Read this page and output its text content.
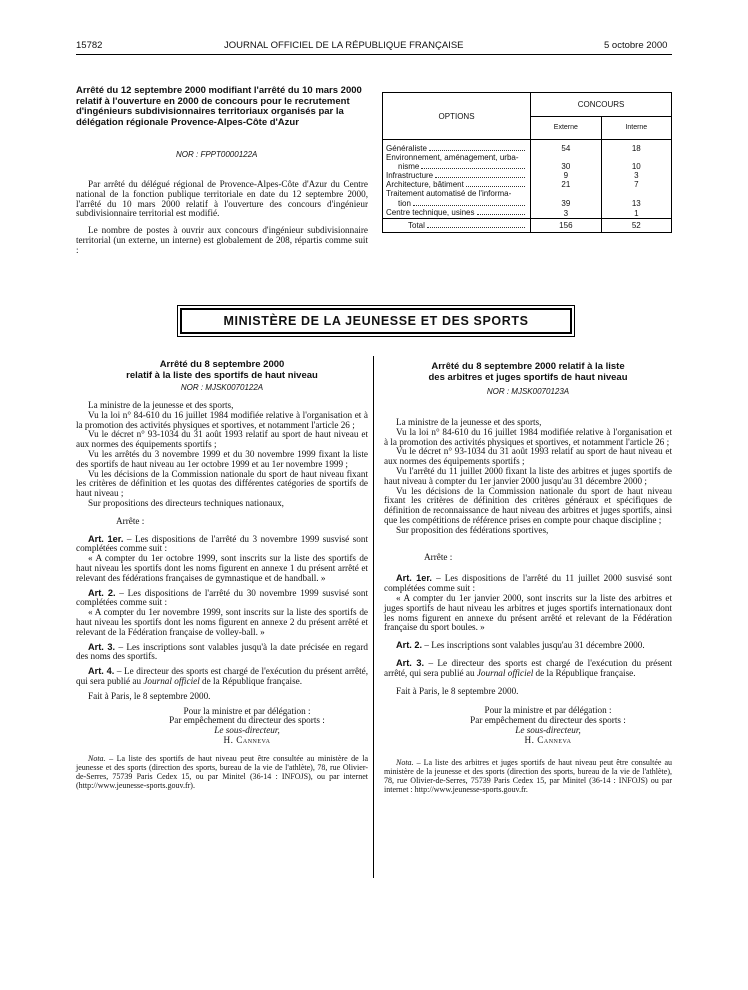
15782	JOURNAL OFFICIEL DE LA RÉPUBLIQUE FRANÇAISE	5 octobre 2000
Arrêté du 12 septembre 2000 modifiant l'arrêté du 10 mars 2000 relatif à l'ouverture en 2000 de concours pour le recrutement d'ingénieurs subdivisionnaires territoriaux organisés par la délégation régionale Provence-Alpes-Côte d'Azur
NOR : FPPT0000122A

Par arrêté du délégué régional de Provence-Alpes-Côte d'Azur du Centre national de la fonction publique territoriale en date du 12 septembre 2000, l'arrêté du 10 mars 2000 relatif à l'ouverture des concours d'ingénieur subdivisionnaire territorial est modifié.

Le nombre de postes à ouvrir aux concours d'ingénieur subdivisionnaire territorial (un externe, un interne) est globalement de 208, répartis comme suit :

OPTIONS	CONCOURS	
	Externe	Interne

Généraliste	54	18

Environnement, aménagement, urba-
nisme	30	10

Infrastructure	9	3

Architecture, bâtiment	21	7

Traitement automatisé de l'informa-
tion	39	13

Centre technique, usines	3	1

Total	156	52
MINISTÈRE DE LA JEUNESSE ET DES SPORTS
Arrêté du 8 septembre 2000
relatif à la liste des sportifs de haut niveau
NOR : MJSK0070122A

La ministre de la jeunesse et des sports,

Vu la loi n° 84-610 du 16 juillet 1984 modifiée relative à l'organisation et à la promotion des activités physiques et sportives, et notamment l'article 26 ;

Vu le décret n° 93-1034 du 31 août 1993 relatif au sport de haut niveau et aux normes des équipements sportifs ;

Vu les arrêtés du 3 novembre 1999 et du 30 novembre 1999 fixant la liste des sportifs de haut niveau au 1er octobre 1999 et au 1er novembre 1999 ;

Vu les décisions de la Commission nationale du sport de haut niveau fixant les critères de définition et les quotas des différentes catégories de sportifs de haut niveau ;

Sur propositions des directeurs techniques nationaux,

Arrête :

Art. 1er. – Les dispositions de l'arrêté du 3 novembre 1999 susvisé sont complétées comme suit :

« A compter du 1er octobre 1999, sont inscrits sur la liste des sportifs de haut niveau les sportifs dont les noms figurent en annexe 1 du présent arrêté et relevant des fédérations françaises de gymnastique et de handball. »

Art. 2. – Les dispositions de l'arrêté du 30 novembre 1999 susvisé sont complétées comme suit :

« A compter du 1er novembre 1999, sont inscrits sur la liste des sportifs de haut niveau les sportifs dont les noms figurent en annexe 2 du présent arrêté et relevant de la Fédération française de volley-ball. »

Art. 3. – Les inscriptions sont valables jusqu'à la date précisée en regard des noms des sportifs.

Art. 4. – Le directeur des sports est chargé de l'exécution du présent arrêté, qui sera publié au Journal officiel de la République française.

Fait à Paris, le 8 septembre 2000.

Pour la ministre et par délégation :
Par empêchement du directeur des sports :
Le sous-directeur,
H. Canneva
Nota. – La liste des sportifs de haut niveau peut être consultée au ministère de la jeunesse et des sports (direction des sports, bureau de la vie de l'athlète), 78, rue Olivier-de-Serres, 75739 Paris Cedex 15, ou par Minitel (36-14 : INFOJS), ou par internet (http://www.jeunesse-sports.gouv.fr).
Arrêté du 8 septembre 2000 relatif à la liste
des arbitres et juges sportifs de haut niveau
NOR : MJSK0070123A

La ministre de la jeunesse et des sports,

Vu la loi n° 84-610 du 16 juillet 1984 modifiée relative à l'organisation et à la promotion des activités physiques et sportives, et notamment l'article 26 ;

Vu le décret n° 93-1034 du 31 août 1993 relatif au sport de haut niveau et aux normes des équipements sportifs ;

Vu l'arrêté du 11 juillet 2000 fixant la liste des arbitres et juges sportifs de haut niveau à compter du 1er janvier 2000 jusqu'au 31 décembre 2000 ;

Vu les décisions de la Commission nationale du sport de haut niveau fixant les critères de définition des critères généraux et spécifiques de définition de reconnaissance de haut niveau des arbitres et juges sportifs, ainsi que les compétitions de référence prises en compte pour chaque discipline ;

Sur proposition des fédérations sportives,

Arrête :

Art. 1er. – Les dispositions de l'arrêté du 11 juillet 2000 susvisé sont complétées comme suit :

« A compter du 1er janvier 2000, sont inscrits sur la liste des arbitres et juges sportifs de haut niveau les arbitres et juges sportifs internationaux dont les noms figurent en annexe du présent arrêté et relevant de la Fédération française du sport boules. »

Art. 2. – Les inscriptions sont valables jusqu'au 31 décembre 2000.

Art. 3. – Le directeur des sports est chargé de l'exécution du présent arrêté, qui sera publié au Journal officiel de la République française.

Fait à Paris, le 8 septembre 2000.

Pour la ministre et par délégation :
Par empêchement du directeur des sports :
Le sous-directeur,
H. Canneva
Nota. – La liste des arbitres et juges sportifs de haut niveau peut être consultée au ministère de la jeunesse et des sports (direction des sports, bureau de la vie de l'athlète), 78, rue Olivier-de-Serres, 75739 Paris Cedex 15, par Minitel (36-14 : INFOJS) ou par internet : http://www.jeunesse-sports.gouv.fr.
